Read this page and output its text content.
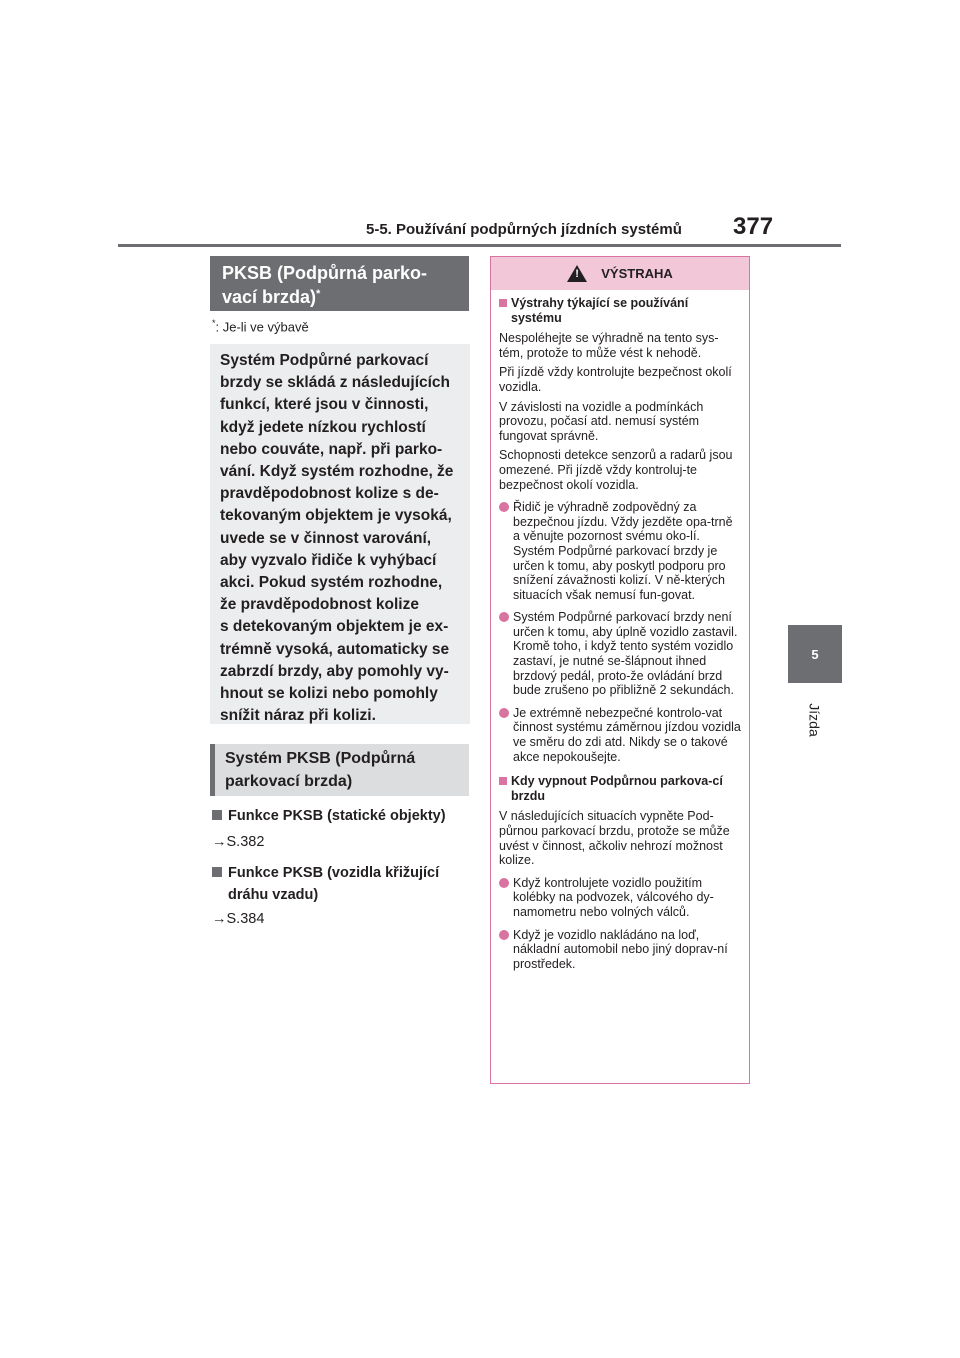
5-5. Používání podpůrných jízdních systémů 377
5
Jízda
PKSB (Podpůrná parko-
vací brzda)*
*: Je-li ve výbavě

Systém Podpůrné parkovací

brzdy se skládá z následujících

funkcí, které jsou v činnosti,

když jedete nízkou rychlostí

nebo couváte, např. při parko-

vání. Když systém rozhodne, že

pravděpodobnost kolize s de-

tekovaným objektem je vysoká,

uvede se v činnost varování,

aby vyzvalo řidiče k vyhýbací

akci. Pokud systém rozhodne,

že pravděpodobnost kolize

s detekovaným objektem je ex-

trémně vysoká, automaticky se

zabrzdí brzdy, aby pomohly vy-

hnout se kolizi nebo pomohly

snížit náraz při kolizi.

Systém PKSB (Podpůrná
parkovací brzda)
Funkce PKSB (statické objekty)
→S.382
Funkce PKSB (vozidla křižující
dráhu vzadu)
→S.384
! VÝSTRAHA
Výstrahy týkající se používání systému

Nespoléhejte se výhradně na tento sys-tém, protože to může vést k nehodě.

Při jízdě vždy kontrolujte bezpečnost okolí vozidla.

V závislosti na vozidle a podmínkách provozu, počasí atd. nemusí systém fungovat správně.

Schopnosti detekce senzorů a radarů jsou omezené. Při jízdě vždy kontroluj-te bezpečnost okolí vozidla.

Řidič je výhradně zodpovědný za bezpečnou jízdu. Vždy jezděte opa-trně a věnujte pozornost svému oko-lí. Systém Podpůrné parkovací brzdy je určen k tomu, aby poskytl podporu pro snížení závažnosti kolizí. V ně-kterých situacích však nemusí fun-govat.
Systém Podpůrné parkovací brzdy není určen k tomu, aby úplně vozidlo zastavil. Kromě toho, i když tento systém vozidlo zastaví, je nutné se-šlápnout ihned brzdový pedál, proto-že ovládání brzd bude zrušeno po přibližně 2 sekundách.
Je extrémně nebezpečné kontrolo-vat činnost systému záměrnou jízdou vozidla ve směru do zdi atd. Nikdy se o takové akce nepokoušejte.
Kdy vypnout Podpůrnou parkova-cí brzdu

V následujících situacích vypněte Pod-půrnou parkovací brzdu, protože se může uvést v činnost, ačkoliv nehrozí možnost kolize.

Když kontrolujete vozidlo použitím kolébky na podvozek, válcového dy-namometru nebo volných válců.
Když je vozidlo nakládáno na loď, nákladní automobil nebo jiný doprav-ní prostředek.
